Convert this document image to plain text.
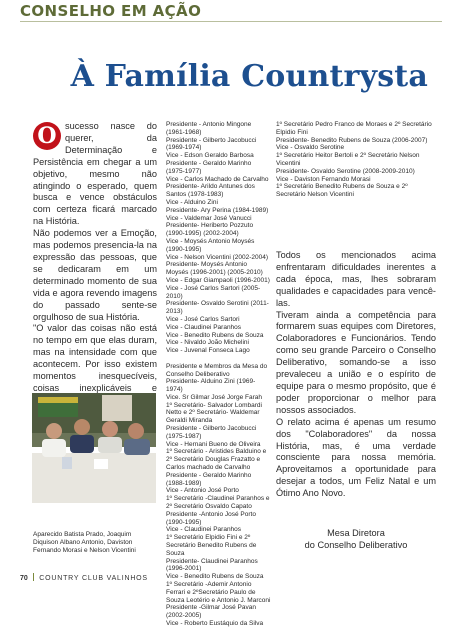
CONSELHO EM AÇÃO
À Família Countrysta

O sucesso nasce do querer, da Determinação e Persistência em chegar a um objetivo, mesmo não atingindo o esperado, quem busca e vence obstáculos com certeza ficará marcado na História.

Não podemos ver a Emoção, mas podemos presencia-la na expressão das pessoas, que se dedicaram em um determinado momento de sua vida e agora revendo imagens do passado sente-se orgulhoso de sua História.

"O valor das coisas não está no tempo em que elas duram, mas na intensidade com que acontecem. Por isso existem momentos inesquecíveis, coisas inexplicáveis e

Presidente - Antonio Mingone (1961-1968)
Presidente - Gilberto Jacobucci (1969-1974)
Vice - Edson Geraldo Barbosa
Presidente - Geraldo Marinho (1975-1977)
Vice - Carlos Machado de Carvalho
Presidente- Arildo Antunes dos Santos (1978-1983)
Vice - Alduino Zini
Presidente- Ary Perina (1984-1989)
Vice - Valdemar José Vanucci
Presidente- Heriberto Pozzuto (1990-1995) (2002-2004)
Vice - Moysés Antonio Moysés (1990-1995)
Vice - Nelson Vicentini (2002-2004)
Presidente- Moysés Antonio Moysés (1996-2001) (2005-2010)
Vice - Edgar Giampaoli (1996-2001)
Vice - José Carlos Sartori (2005-2010)
Presidente- Osvaldo Serotini (2011-2013)
Vice - José Carlos Sartori
Vice - Claudinei Paranhos
Vice - Benedito Rubens de Souza
Vice - Nivaldo João Michelini
Vice - Juvenal Fonseca Lago
Presidente e Membros da Mesa do Conselho Deliberativo
Presidente- Alduino Zini (1969-1974)
Vice. Sr Gilmar José Jorge Farah
1º Secretário- Salvador Lombardi Netto e 2º Secretário- Waldemar Geraldi Miranda
Presidente - Gilberto Jacobucci (1975-1987)
Vice - Hernani Bueno de Oliveira
1º Secretário - Aristides Balduino e 2º Secretário Douglas Frazatto e Carlos machado de Carvalho
Presidente - Geraldo Marinho (1988-1989)
Vice - Antonio José Porto
1º Secretário -Claudinei Paranhos e 2º Secretário Osvaldo Capato
Presidente -Antonio José Porto (1990-1995)
Vice - Claudinei Paranhos
1º Secretário Elpidio Fini e 2º Secretário Benedito Rubens de Souza
Presidente- Claudinei Paranhos (1996-2001)
Vice - Benedito Rubens de Souza
1º Secretário -Ademir Antonio Ferrari e 2ºSecretário Paulo de Souza Leotério e Antonio J. Marconi
Presidente -Gilmar José Pavan (2002-2005)
Vice - Roberto Eustáquio da Silva
1º Secretário Pedro Franco de Moraes e 2º Secretário Elpidio Fini
Presidente- Benedito Rubens de Souza (2006-2007)
Vice - Osvaldo Serotine
1º Secretário Heitor Bertoli e 2º Secretário Nelson Vicentini
Presidente- Osvaldo Serotine (2008-2009-2010)
Vice - Daviston Fernando Morasi
1º Secretário Benedito Rubens de Souza e 2º Secretário Nelson Vicentini

Todos os mencionados acima enfrentaram dificuldades inerentes a cada época, mas, lhes sobraram qualidades e capacidades para vencê-las.

Tiveram ainda a competência para formarem suas equipes com Diretores, Colaboradores e Funcionários. Tendo como seu grande Parceiro o Conselho Deliberativo, somando-se a isso prevaleceu a união e o espírito de equipe para o mesmo propósito, que é poder proporcionar o melhor para nossos associados.

O relato acima é apenas um resumo dos "Colaboradores" da nossa História, mas, é uma verdade consciente para nossa memória. Aproveitamos a oportunidade para desejar a todos, um Feliz Natal e um Ótimo Ano Novo.

Aparecido Batista Prado, Joaquim Diquison Albano Antonio, Daviston Fernando Morasi e Nelson Vicentini
Mesa Diretora
do Conselho Deliberativo
70 COUNTRY CLUB VALINHOS
